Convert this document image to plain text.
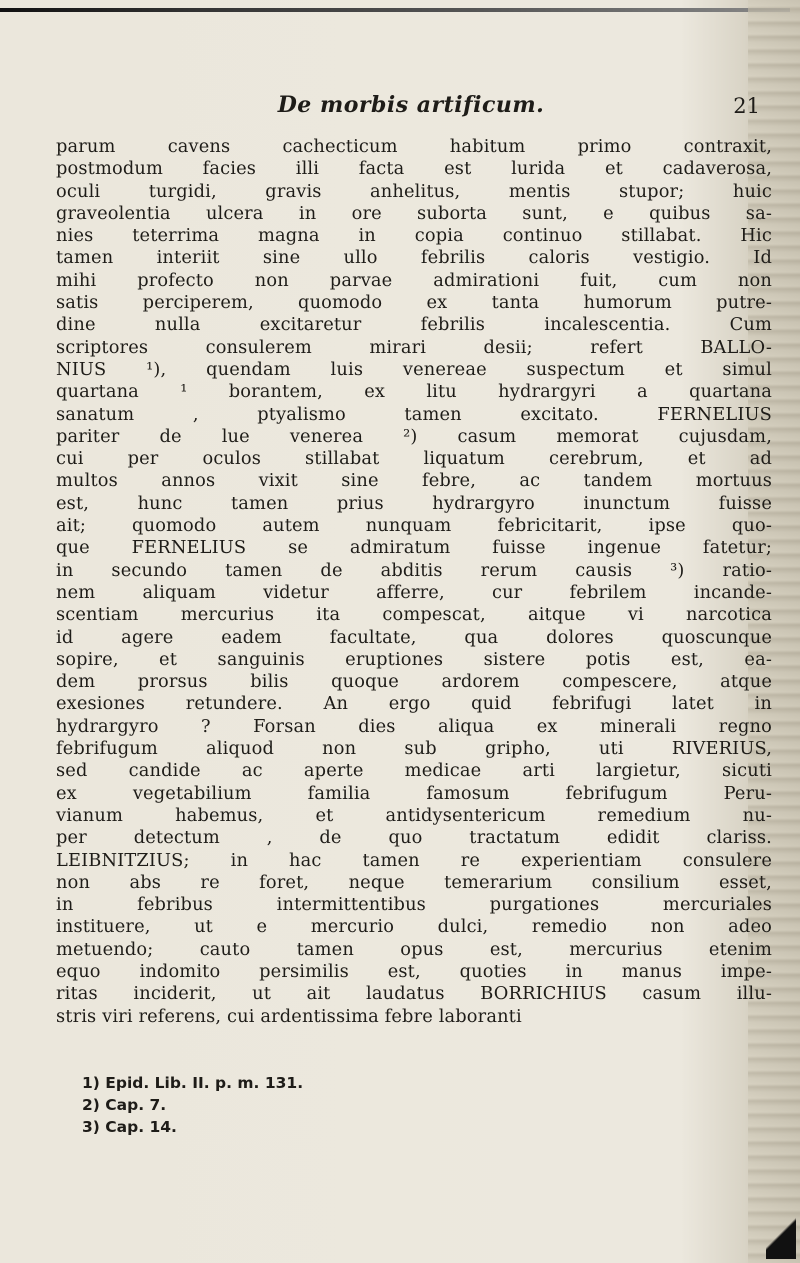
De morbis artificum.	21
parum cavens cachecticum habitum primo contraxit,
postmodum facies illi facta est lurida et cadaverosa,
oculi turgidi, gravis anhelitus, mentis stupor; huic
graveolentia ulcera in ore suborta sunt, e quibus sa-
nies teterrima magna in copia continuo stillabat. Hic
tamen interiit sine ullo febrilis caloris vestigio. Id
mihi profecto non parvae admirationi fuit, cum non
satis perciperem, quomodo ex tanta humorum putre-
dine nulla excitaretur febrilis incalescentia. Cum
scriptores consulerem mirari desii; refert BALLO-
NIUS ¹), quendam luis venereae suspectum et simul
quartana ¹ borantem, ex litu hydrargyri a quartana
sanatum , ptyalismo tamen excitato. FERNELIUS
pariter de lue venerea ²) casum memorat cujusdam,
cui per oculos stillabat liquatum cerebrum, et ad
multos annos vixit sine febre, ac tandem mortuus
est, hunc tamen prius hydrargyro inunctum fuisse
ait; quomodo autem nunquam febricitarit, ipse quo-
que FERNELIUS se admiratum fuisse ingenue fatetur;
in secundo tamen de abditis rerum causis ³) ratio-
nem aliquam videtur afferre, cur febrilem incande-
scentiam mercurius ita compescat, aitque vi narcotica
id agere eadem facultate, qua dolores quoscunque
sopire, et sanguinis eruptiones sistere potis est, ea-
dem prorsus bilis quoque ardorem compescere, atque
exesiones retundere. An ergo quid febrifugi latet in
hydrargyro ? Forsan dies aliqua ex minerali regno
febrifugum aliquod non sub gripho, uti RIVERIUS,
sed candide ac aperte medicae arti largietur, sicuti
ex vegetabilium familia famosum febrifugum Peru-
vianum habemus, et antidysentericum remedium nu-
per detectum , de quo tractatum edidit clariss.
LEIBNITZIUS; in hac tamen re experientiam consulere
non abs re foret, neque temerarium consilium esset,
in febribus intermittentibus purgationes mercuriales
instituere, ut e mercurio dulci, remedio non adeo
metuendo; cauto tamen opus est, mercurius etenim
equo indomito persimilis est, quoties in manus impe-
ritas inciderit, ut ait laudatus BORRICHIUS casum illu-
stris viri referens, cui ardentissima febre laboranti
1) Epid. Lib. II. p. m. 131.
2) Cap. 7.
3) Cap. 14.
